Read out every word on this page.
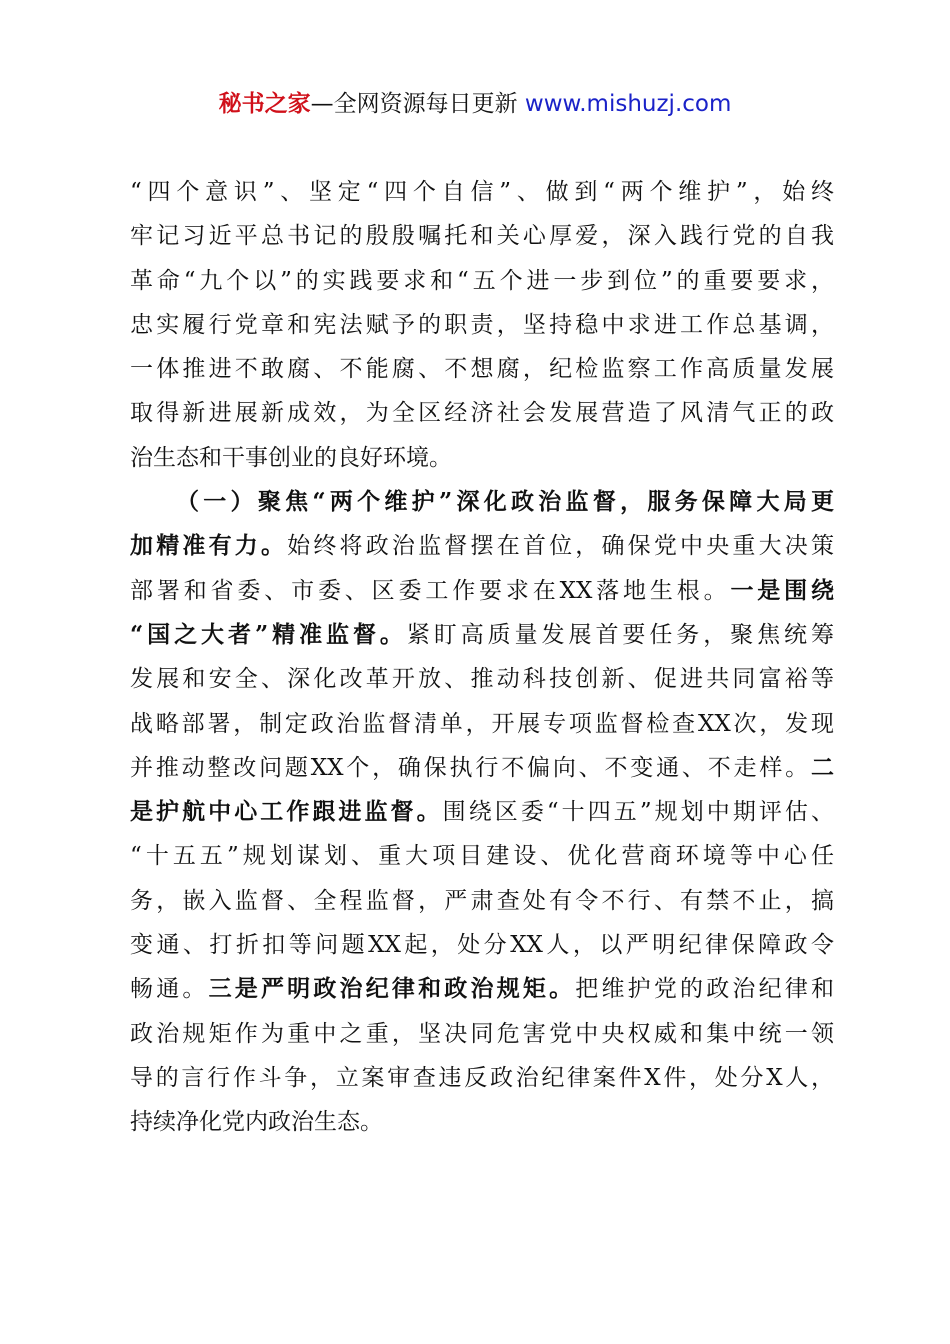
秘书之家—全网资源每日更新 www.mishuzj.com
“四个意识”、坚定“四个自信”、做到“两个维护”，始终
牢记习近平总书记的殷殷嘱托和关心厚爱，深入践行党的自我
革命“九个以”的实践要求和“五个进一步到位”的重要要求，
忠实履行党章和宪法赋予的职责，坚持稳中求进工作总基调，
一体推进不敢腐、不能腐、不想腐，纪检监察工作高质量发展
取得新进展新成效，为全区经济社会发展营造了风清气正的政
治生态和干事创业的良好环境。
（一）聚焦“两个维护”深化政治监督，服务保障大局更
加精准有力。始终将政治监督摆在首位，确保党中央重大决策
部署和省委、市委、区委工作要求在XX落地生根。一是围绕
“国之大者”精准监督。紧盯高质量发展首要任务，聚焦统筹
发展和安全、深化改革开放、推动科技创新、促进共同富裕等
战略部署，制定政治监督清单，开展专项监督检查XX次，发现
并推动整改问题XX个，确保执行不偏向、不变通、不走样。二
是护航中心工作跟进监督。围绕区委“十四五”规划中期评估、
“十五五”规划谋划、重大项目建设、优化营商环境等中心任
务，嵌入监督、全程监督，严肃查处有令不行、有禁不止，搞
变通、打折扣等问题XX起，处分XX人，以严明纪律保障政令
畅通。三是严明政治纪律和政治规矩。把维护党的政治纪律和
政治规矩作为重中之重，坚决同危害党中央权威和集中统一领
导的言行作斗争，立案审查违反政治纪律案件X件，处分X人，
持续净化党内政治生态。
